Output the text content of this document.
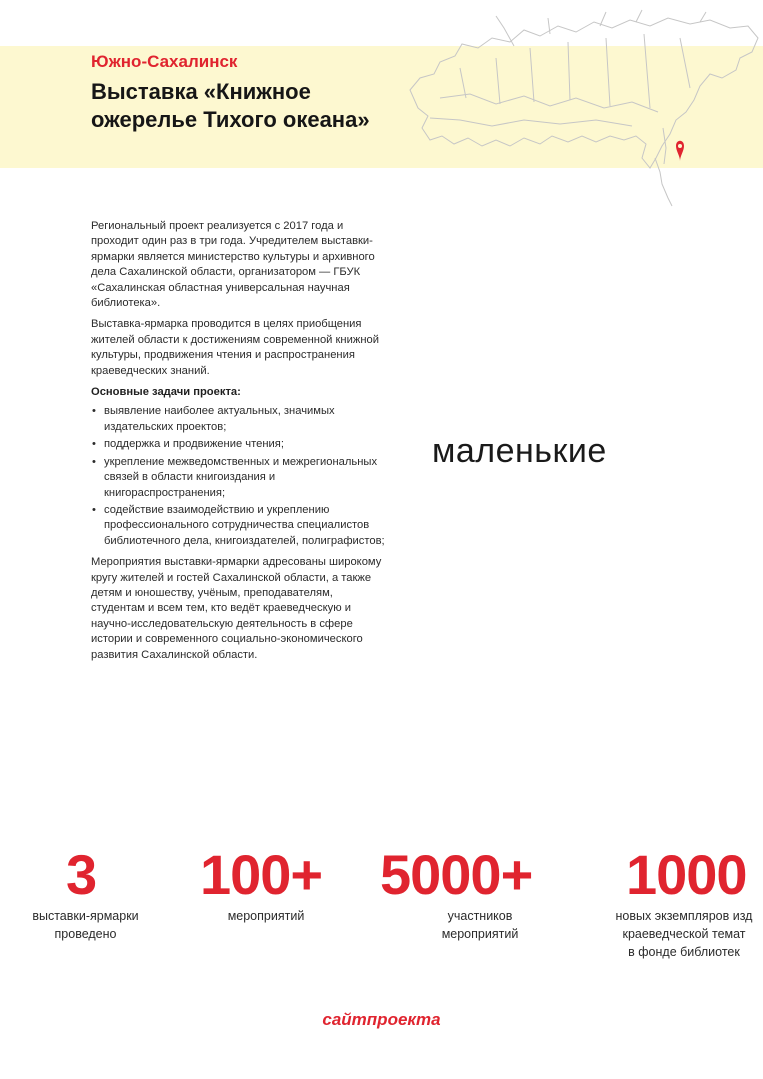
Южно-Сахалинск
Выставка «Книжное ожерелье Тихого океана»

Региональный проект реализуется с 2017 года и проходит один раз в три года. Учредителем выставки-ярмарки является министерство культуры и архивного дела Сахалинской области, организатором — ГБУК «Сахалинская областная универсальная научная библиотека».

Выставка-ярмарка проводится в целях приобщения жителей области к достижениям современной книжной культуры, продвижения чтения и распространения краеведческих знаний.

Основные задачи проекта:
• выявление наиболее актуальных, значимых издательских проектов;
• поддержка и продвижение чтения;
• укрепление межведомственных и межрегиональных связей в области книгоиздания и книгораспространения;
• содействие взаимодействию и укреплению профессионального сотрудничества специалистов библиотечного дела, книгоиздателей, полиграфистов;

Мероприятия выставки-ярмарки адресованы широкому кругу жителей и гостей Сахалинской области, а также детям и юношеству, учёным, преподавателям, студентам и всем тем, кто ведёт краеведческую и научно-исследовательскую деятельность в сфере истории и современного социально-экономического развития Сахалинской области.

маленькие
3
выставки-ярмарки
проведено
100+
мероприятий
5000+
участников
мероприятий
1000
новых экземпляров изд
краеведческой темат
в фонде библиотек
сайтпроекта
